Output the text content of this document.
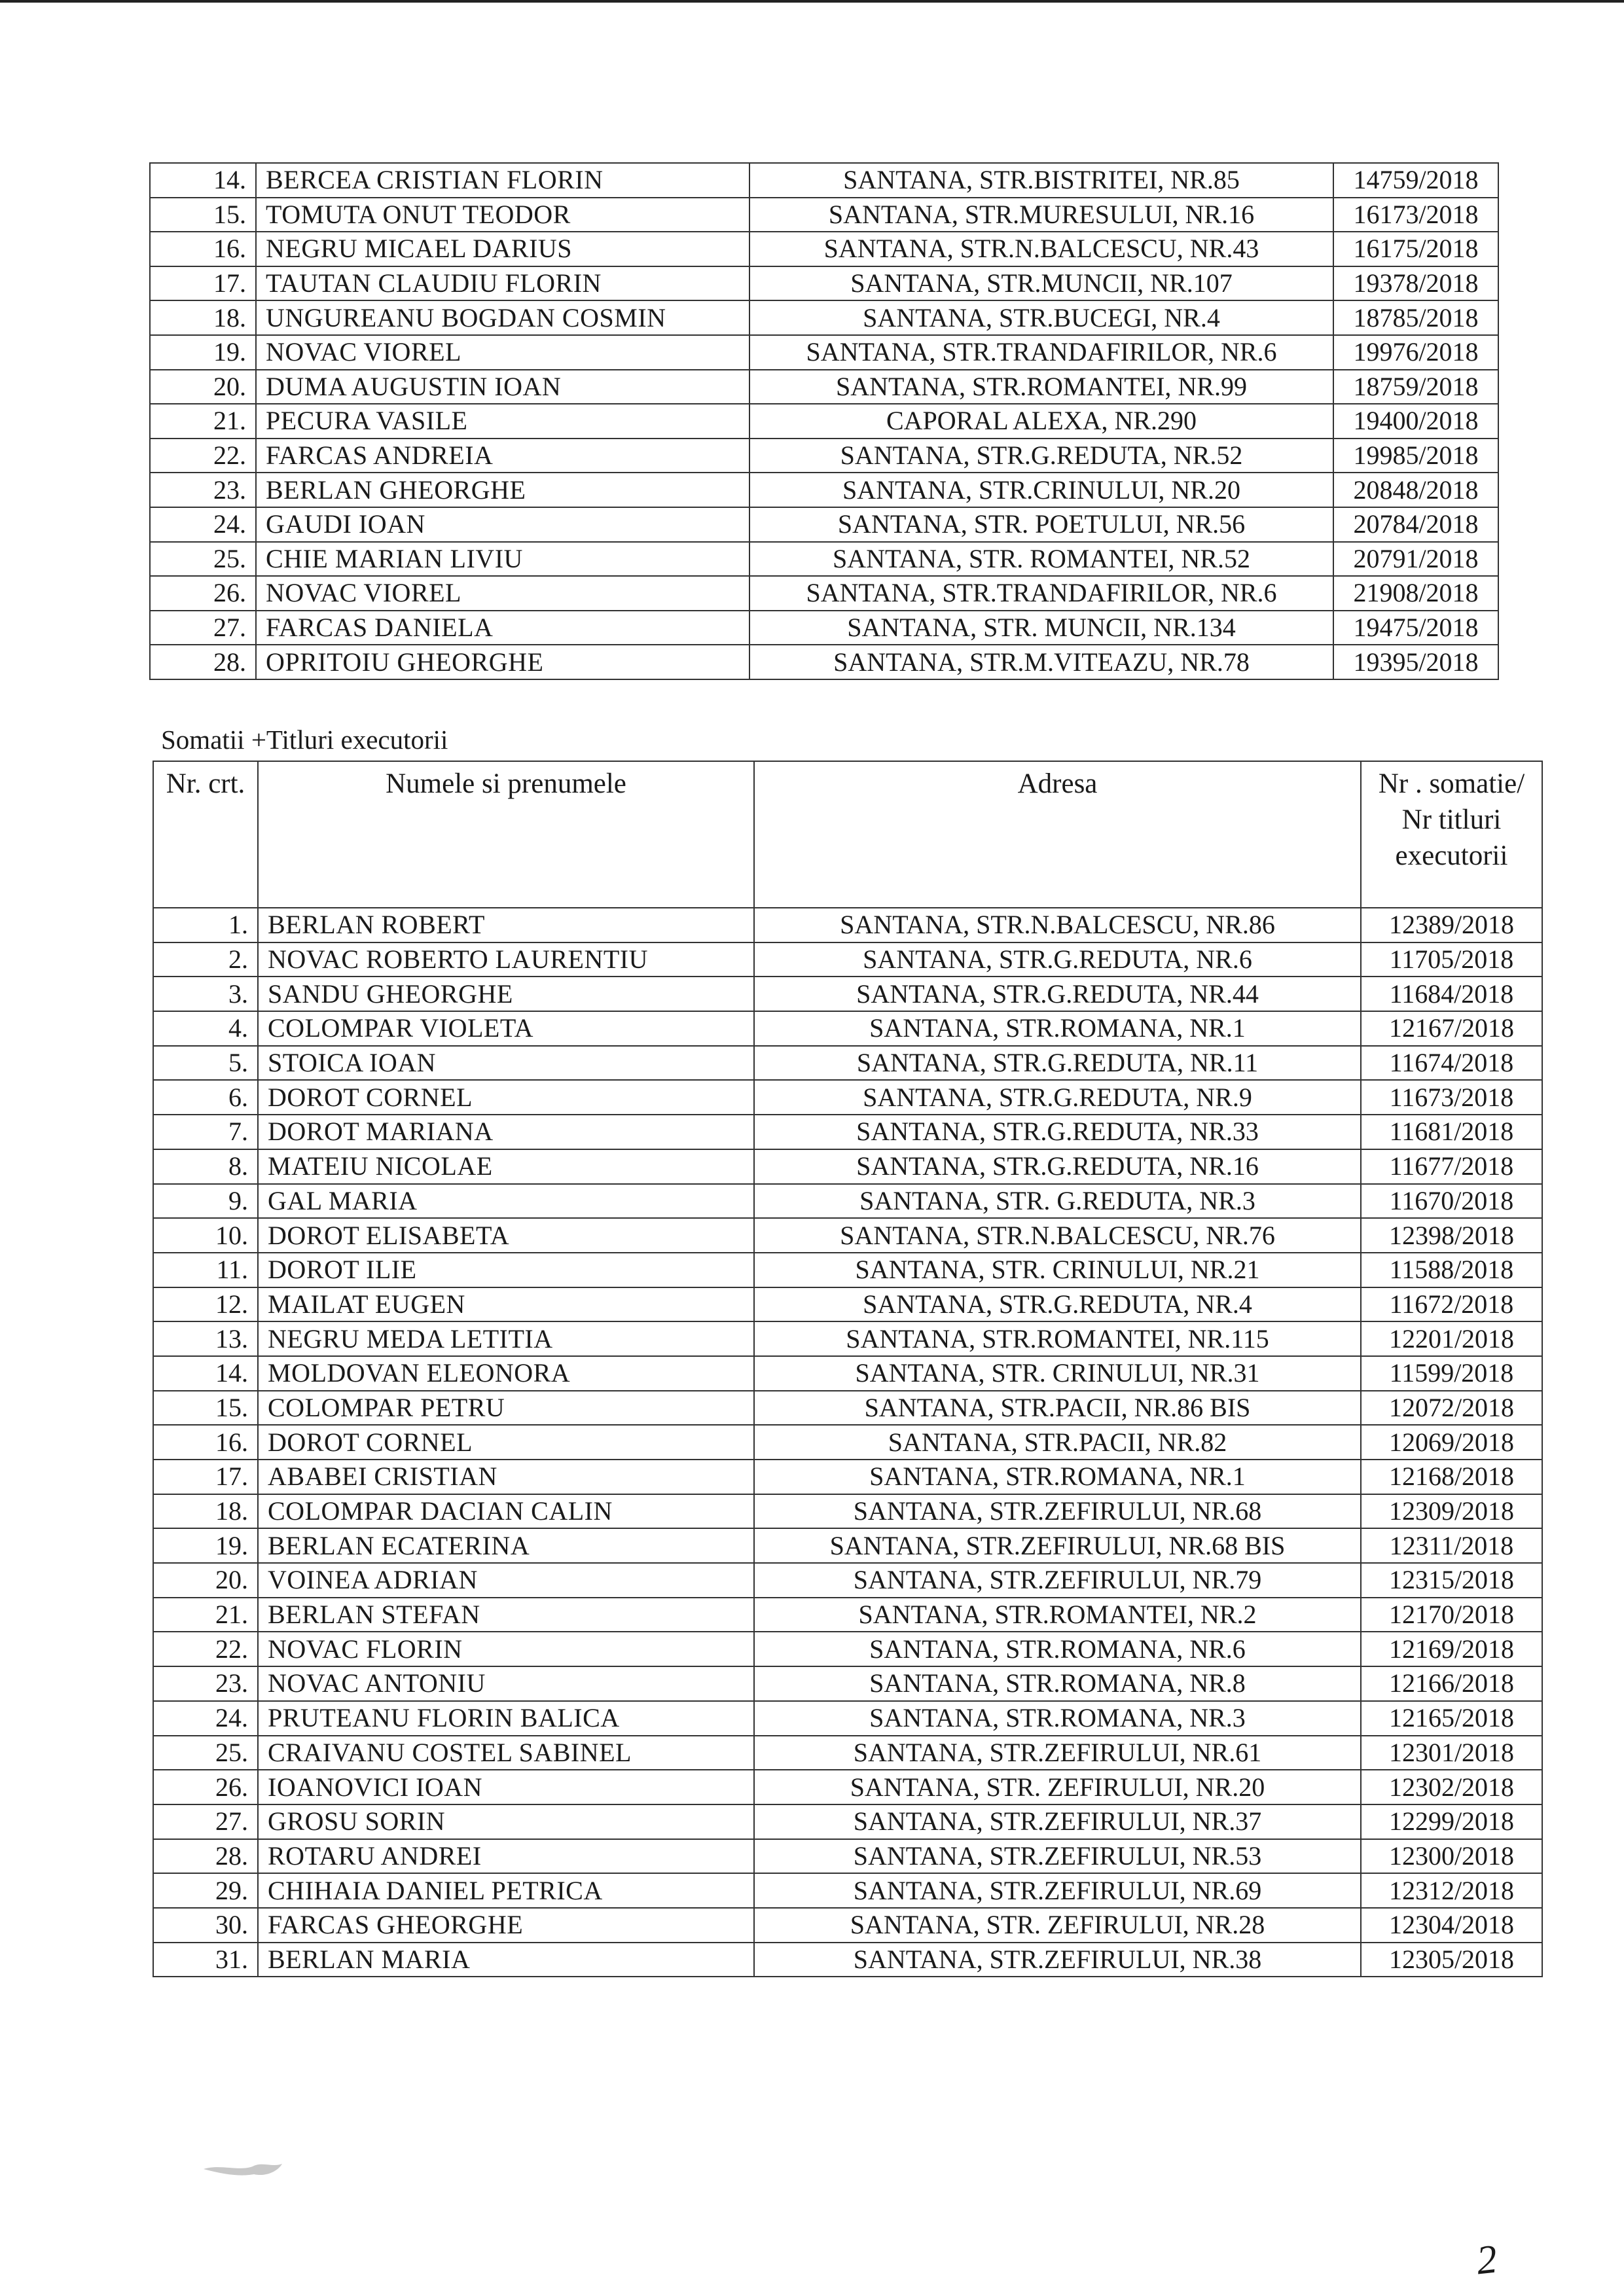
14.	BERCEA CRISTIAN FLORIN	SANTANA, STR.BISTRITEI, NR.85	14759/2018
15.	TOMUTA ONUT TEODOR	SANTANA, STR.MURESULUI, NR.16	16173/2018
16.	NEGRU MICAEL DARIUS	SANTANA, STR.N.BALCESCU, NR.43	16175/2018
17.	TAUTAN CLAUDIU FLORIN	SANTANA, STR.MUNCII, NR.107	19378/2018
18.	UNGUREANU BOGDAN COSMIN	SANTANA, STR.BUCEGI, NR.4	18785/2018
19.	NOVAC VIOREL	SANTANA, STR.TRANDAFIRILOR, NR.6	19976/2018
20.	DUMA AUGUSTIN IOAN	SANTANA, STR.ROMANTEI, NR.99	18759/2018
21.	PECURA VASILE	CAPORAL ALEXA, NR.290	19400/2018
22.	FARCAS ANDREIA	SANTANA, STR.G.REDUTA, NR.52	19985/2018
23.	BERLAN GHEORGHE	SANTANA, STR.CRINULUI, NR.20	20848/2018
24.	GAUDI IOAN	SANTANA, STR. POETULUI, NR.56	20784/2018
25.	CHIE MARIAN LIVIU	SANTANA, STR. ROMANTEI, NR.52	20791/2018
26.	NOVAC VIOREL	SANTANA, STR.TRANDAFIRILOR, NR.6	21908/2018
27.	FARCAS DANIELA	SANTANA, STR. MUNCII, NR.134	19475/2018
28.	OPRITOIU GHEORGHE	SANTANA, STR.M.VITEAZU, NR.78	19395/2018
Somatii +Titluri executorii
Nr. crt.	Numele si prenumele	Adresa	Nr . somatie/ Nr titluri executorii
1.	BERLAN ROBERT	SANTANA, STR.N.BALCESCU, NR.86	12389/2018
2.	NOVAC ROBERTO LAURENTIU	SANTANA, STR.G.REDUTA, NR.6	11705/2018
3.	SANDU GHEORGHE	SANTANA, STR.G.REDUTA, NR.44	11684/2018
4.	COLOMPAR VIOLETA	SANTANA, STR.ROMANA, NR.1	12167/2018
5.	STOICA IOAN	SANTANA, STR.G.REDUTA, NR.11	11674/2018
6.	DOROT CORNEL	SANTANA, STR.G.REDUTA, NR.9	11673/2018
7.	DOROT MARIANA	SANTANA, STR.G.REDUTA, NR.33	11681/2018
8.	MATEIU NICOLAE	SANTANA, STR.G.REDUTA, NR.16	11677/2018
9.	GAL MARIA	SANTANA, STR. G.REDUTA, NR.3	11670/2018
10.	DOROT ELISABETA	SANTANA, STR.N.BALCESCU, NR.76	12398/2018
11.	DOROT ILIE	SANTANA, STR. CRINULUI, NR.21	11588/2018
12.	MAILAT EUGEN	SANTANA, STR.G.REDUTA, NR.4	11672/2018
13.	NEGRU MEDA LETITIA	SANTANA, STR.ROMANTEI, NR.115	12201/2018
14.	MOLDOVAN ELEONORA	SANTANA, STR. CRINULUI, NR.31	11599/2018
15.	COLOMPAR PETRU	SANTANA, STR.PACII, NR.86 BIS	12072/2018
16.	DOROT CORNEL	SANTANA, STR.PACII, NR.82	12069/2018
17.	ABABEI CRISTIAN	SANTANA, STR.ROMANA, NR.1	12168/2018
18.	COLOMPAR DACIAN CALIN	SANTANA, STR.ZEFIRULUI, NR.68	12309/2018
19.	BERLAN ECATERINA	SANTANA, STR.ZEFIRULUI, NR.68 BIS	12311/2018
20.	VOINEA ADRIAN	SANTANA, STR.ZEFIRULUI, NR.79	12315/2018
21.	BERLAN STEFAN	SANTANA, STR.ROMANTEI, NR.2	12170/2018
22.	NOVAC FLORIN	SANTANA, STR.ROMANA, NR.6	12169/2018
23.	NOVAC ANTONIU	SANTANA, STR.ROMANA, NR.8	12166/2018
24.	PRUTEANU FLORIN BALICA	SANTANA, STR.ROMANA, NR.3	12165/2018
25.	CRAIVANU COSTEL SABINEL	SANTANA, STR.ZEFIRULUI, NR.61	12301/2018
26.	IOANOVICI IOAN	SANTANA, STR. ZEFIRULUI, NR.20	12302/2018
27.	GROSU SORIN	SANTANA, STR.ZEFIRULUI, NR.37	12299/2018
28.	ROTARU ANDREI	SANTANA, STR.ZEFIRULUI, NR.53	12300/2018
29.	CHIHAIA DANIEL PETRICA	SANTANA, STR.ZEFIRULUI, NR.69	12312/2018
30.	FARCAS GHEORGHE	SANTANA, STR. ZEFIRULUI, NR.28	12304/2018
31.	BERLAN MARIA	SANTANA, STR.ZEFIRULUI, NR.38	12305/2018
2
